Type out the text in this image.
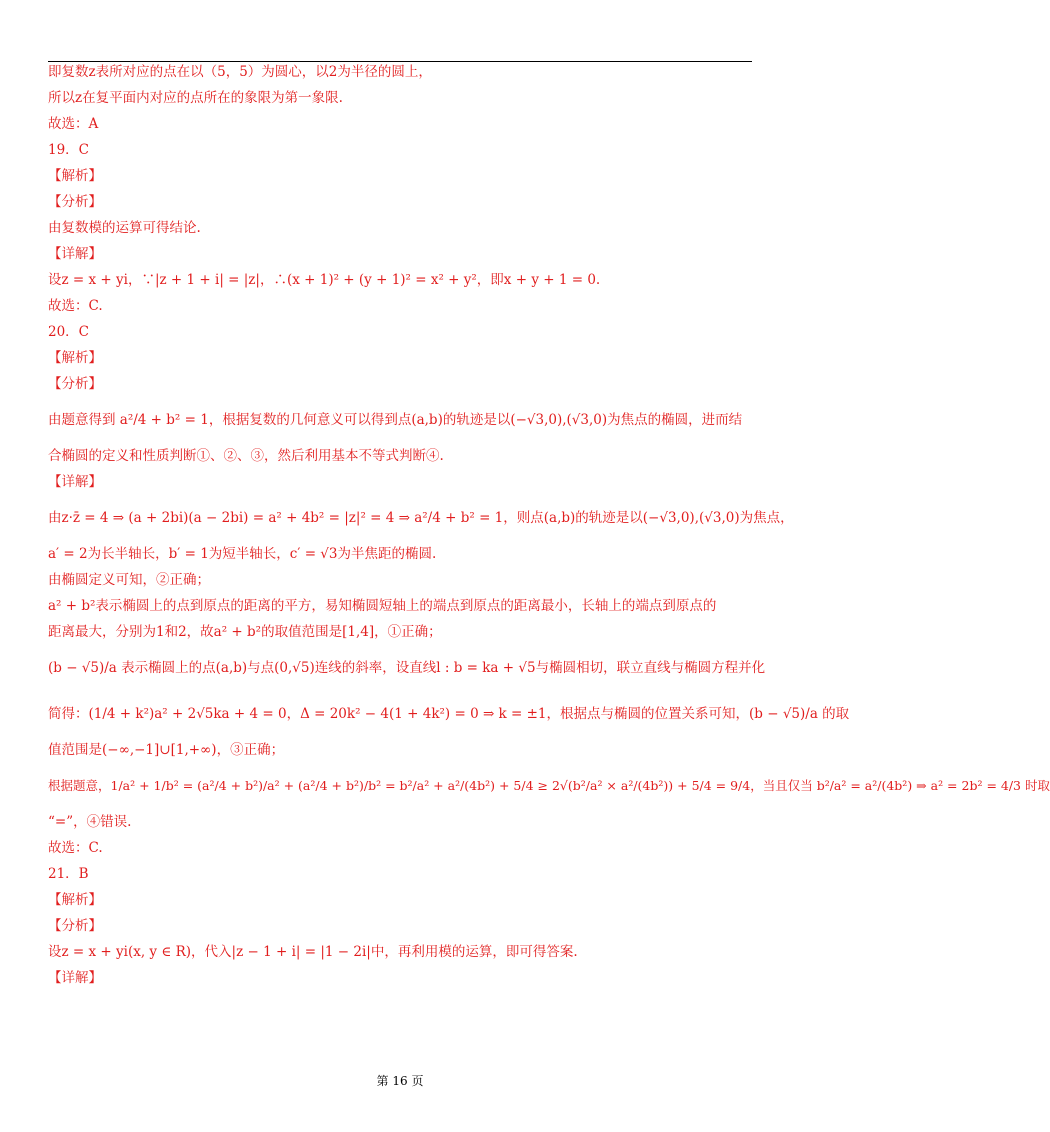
即复数z表所对应的点在以（5，5）为圆心，以2为半径的圆上，
所以z在复平面内对应的点所在的象限为第一象限.
故选：A
19．C
【解析】
【分析】
由复数模的运算可得结论.
【详解】
设z = x + yi，∵|z + 1 + i| = |z|，∴(x + 1)² + (y + 1)² = x² + y²，即x + y + 1 = 0.
故选：C.
20．C
【解析】
【分析】
由题意得到 a²/4 + b² = 1，根据复数的几何意义可以得到点(a,b)的轨迹是以(−√3,0),(√3,0)为焦点的椭圆，进而结
合椭圆的定义和性质判断①、②、③，然后利用基本不等式判断④.
【详解】
由z·z̄ = 4 ⇒ (a + 2bi)(a − 2bi) = a² + 4b² = |z|² = 4 ⇒ a²/4 + b² = 1，则点(a,b)的轨迹是以(−√3,0),(√3,0)为焦点，
a′ = 2为长半轴长，b′ = 1为短半轴长，c′ = √3为半焦距的椭圆.
由椭圆定义可知，②正确；
a² + b²表示椭圆上的点到原点的距离的平方，易知椭圆短轴上的端点到原点的距离最小，长轴上的端点到原点的
距离最大，分别为1和2，故a² + b²的取值范围是[1,4]，①正确；
(b − √5)/a 表示椭圆上的点(a,b)与点(0,√5)连线的斜率，设直线l : b = ka + √5与椭圆相切，联立直线与椭圆方程并化
简得：(1/4 + k²)a² + 2√5ka + 4 = 0，Δ = 20k² − 4(1 + 4k²) = 0 ⇒ k = ±1，根据点与椭圆的位置关系可知，(b − √5)/a 的取
值范围是(−∞,−1]∪[1,+∞)，③正确；
根据题意，1/a² + 1/b² = (a²/4 + b²)/a² + (a²/4 + b²)/b² = b²/a² + a²/(4b²) + 5/4 ≥ 2√(b²/a² × a²/(4b²)) + 5/4 = 9/4，当且仅当 b²/a² = a²/(4b²) ⇒ a² = 2b² = 4/3 时取
“=”，④错误.
故选：C.
21．B
【解析】
【分析】
设z = x + yi(x, y ∈ R)，代入|z − 1 + i| = |1 − 2i|中，再利用模的运算，即可得答案.
【详解】
第 16 页
